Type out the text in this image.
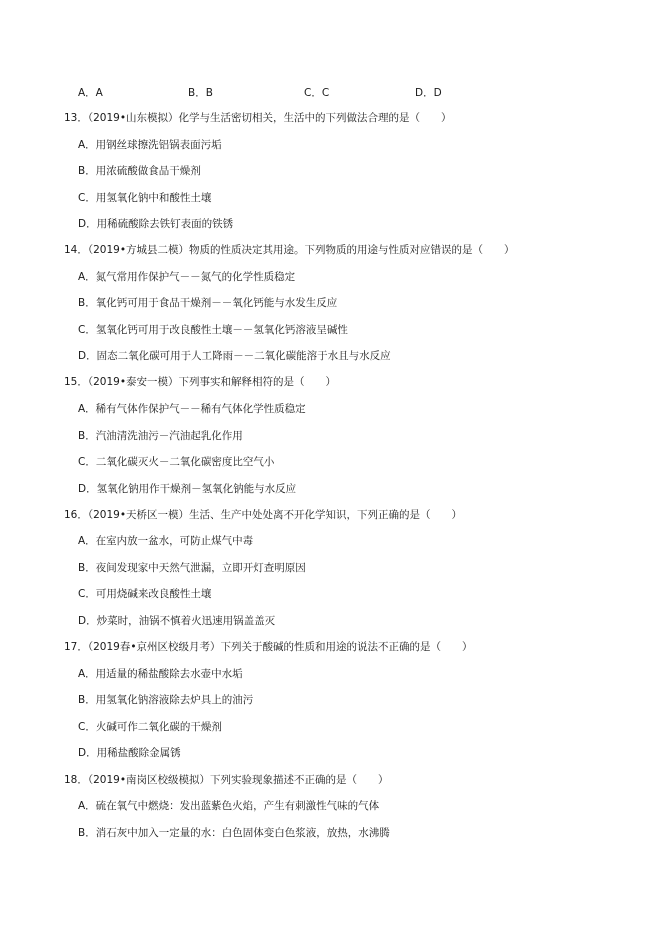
A．A	B．B	C．C	D．D
13．（2019•山东模拟）化学与生活密切相关，生活中的下列做法合理的是（　　）
A．用钢丝球擦洗铝锅表面污垢
B．用浓硫酸做食品干燥剂
C．用氢氧化钠中和酸性土壤
D．用稀硫酸除去铁钉表面的铁锈
14．（2019•方城县二模）物质的性质决定其用途。下列物质的用途与性质对应错误的是（　　）
A．氮气常用作保护气－－氮气的化学性质稳定
B．氧化钙可用于食品干燥剂－－氧化钙能与水发生反应
C．氢氧化钙可用于改良酸性土壤－－氢氧化钙溶液呈碱性
D．固态二氧化碳可用于人工降雨－－二氧化碳能溶于水且与水反应
15．（2019•泰安一模）下列事实和解释相符的是（　　）
A．稀有气体作保护气－－稀有气体化学性质稳定
B．汽油清洗油污－汽油起乳化作用
C．二氧化碳灭火－二氧化碳密度比空气小
D．氢氧化钠用作干燥剂－氢氧化钠能与水反应
16．（2019•天桥区一模）生活、生产中处处离不开化学知识，下列正确的是（　　）
A．在室内放一盆水，可防止煤气中毒
B．夜间发现家中天然气泄漏，立即开灯查明原因
C．可用烧碱来改良酸性土壤
D．炒菜时，油锅不慎着火迅速用锅盖盖灭
17．（2019春•京州区校级月考）下列关于酸碱的性质和用途的说法不正确的是（　　）
A．用适量的稀盐酸除去水壶中水垢
B．用氢氧化钠溶液除去炉具上的油污
C．火碱可作二氧化碳的干燥剂
D．用稀盐酸除金属锈
18．（2019•南岗区校级模拟）下列实验现象描述不正确的是（　　）
A．硫在氧气中燃烧：发出蓝紫色火焰，产生有刺激性气味的气体
B．消石灰中加入一定量的水：白色固体变白色浆液，放热，水沸腾
